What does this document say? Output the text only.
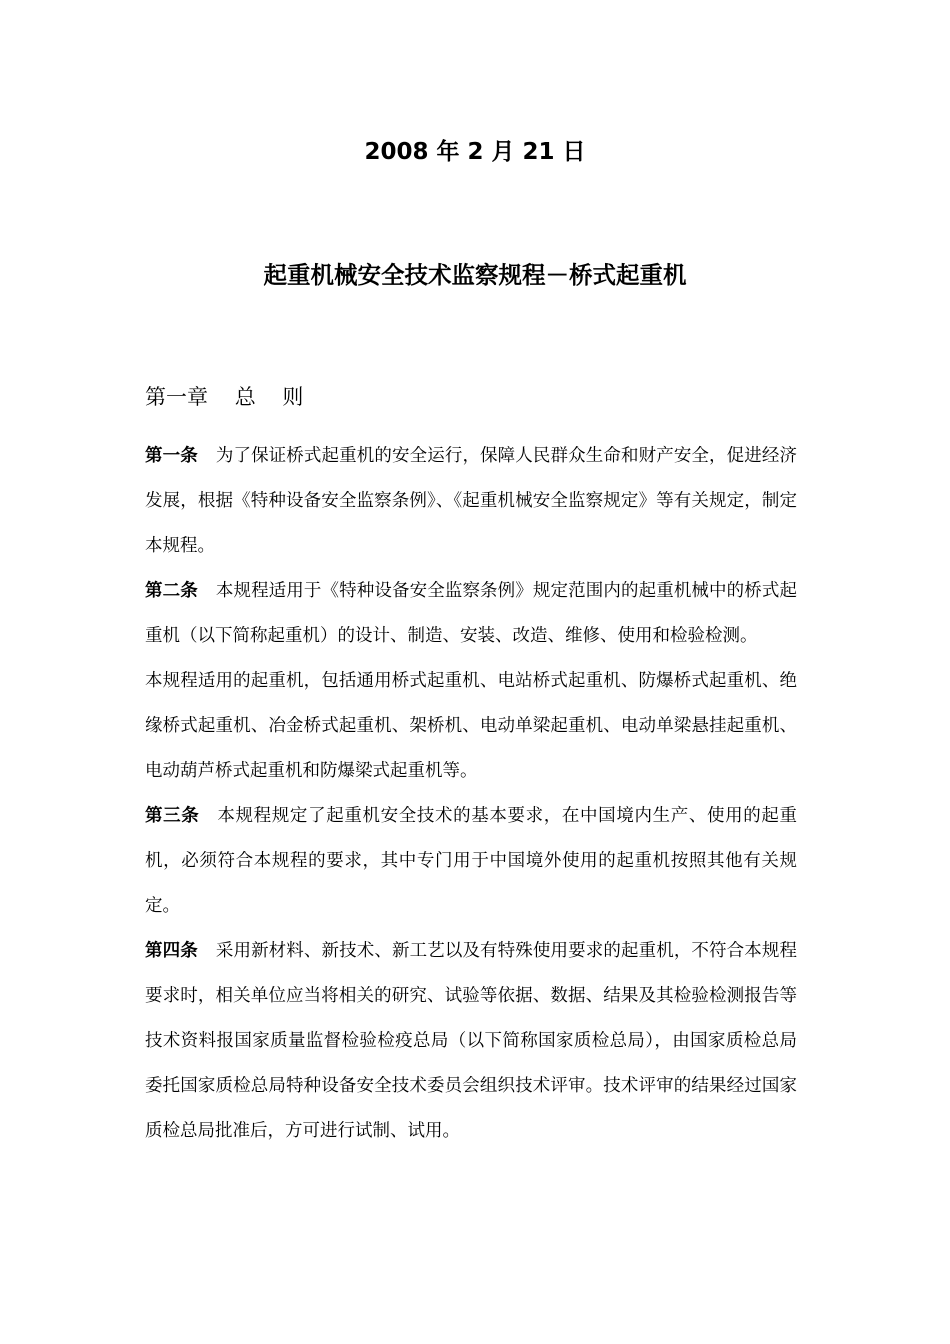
2008 年 2 月 21 日
起重机械安全技术监察规程－桥式起重机
第一章    总    则

第一条 为了保证桥式起重机的安全运行，保障人民群众生命和财产安全，促进经济发展，根据《特种设备安全监察条例》、《起重机械安全监察规定》等有关规定，制定本规程。

第二条 本规程适用于《特种设备安全监察条例》规定范围内的起重机械中的桥式起重机（以下简称起重机）的设计、制造、安装、改造、维修、使用和检验检测。

本规程适用的起重机，包括通用桥式起重机、电站桥式起重机、防爆桥式起重机、绝缘桥式起重机、冶金桥式起重机、架桥机、电动单梁起重机、电动单梁悬挂起重机、电动葫芦桥式起重机和防爆梁式起重机等。

第三条 本规程规定了起重机安全技术的基本要求，在中国境内生产、使用的起重机，必须符合本规程的要求，其中专门用于中国境外使用的起重机按照其他有关规定。

第四条 采用新材料、新技术、新工艺以及有特殊使用要求的起重机，不符合本规程要求时，相关单位应当将相关的研究、试验等依据、数据、结果及其检验检测报告等技术资料报国家质量监督检验检疫总局（以下简称国家质检总局），由国家质检总局委托国家质检总局特种设备安全技术委员会组织技术评审。技术评审的结果经过国家质检总局批准后，方可进行试制、试用。
